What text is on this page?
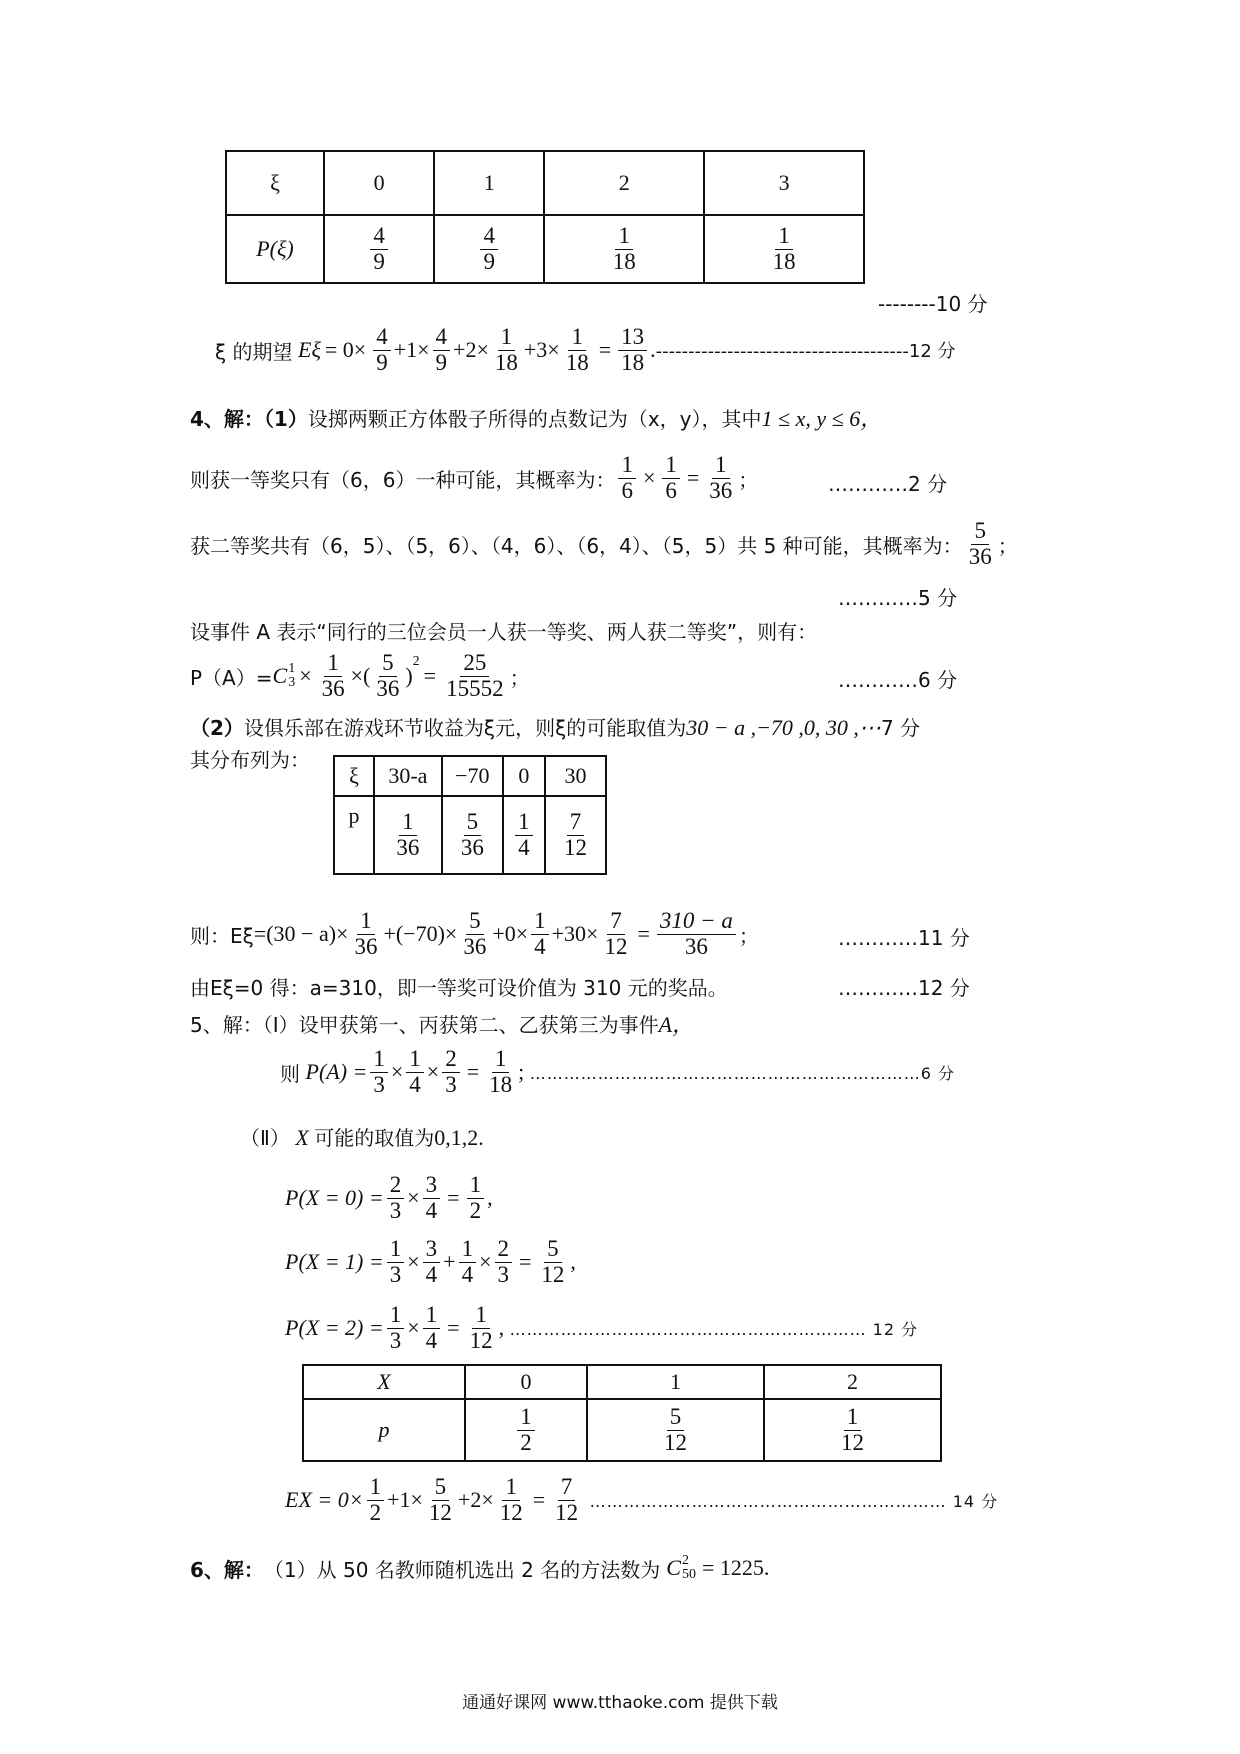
ξ	0	1	2	3
P(ξ)	$\frac{4}{9}$	$\frac{4}{9}$	$\frac{1}{18}$	$\frac{1}{18}$
--------10 分
ξ 的期望
$E\xi = 0\times \frac{4}{9} +1\times \frac{4}{9} +2\times \frac{1}{18} +3\times \frac{1}{18} = \frac{13}{18}$ . ---------------------------------------12 分
4、解：（1）设掷两颗正方体骰子所得的点数记为（x，y），其中1 ≤ x, y ≤ 6，
则获一等奖只有（6，6）一种可能，其概率为： $\frac{1}{6} \times \frac{1}{6} = \frac{1}{36}$ ；	…………2 分
获二等奖共有（6，5）、（5，6）、（4，6）、（6，4）、（5，5）共 5 种可能，其概率为： $\frac{5}{36}$ ；
…………5 分
设事件 A 表示“同行的三位会员一人获一等奖、两人获二等奖”，则有：
P（A）= C 1
$3 \times \frac{1}{36}$ ×( $\frac{5}{36}$ )
$^2$
= $\frac{25}{15552}$ ；	…………6 分
（2）设俱乐部在游戏环节收益为ξ元，则ξ的可能取值为30 − a ,−70 ,0, 30 ,⋯7 分
其分布列为：
ξ	30-a	−70	0	30
p	$\frac{1}{36}$	$\frac{5}{36}$	$\frac{1}{4}$	$\frac{7}{12}$
则：$E\xi =(30 - a)\times \frac{1}{36} +(-70)\times \frac{5}{36} +0\times \frac{1}{4} +30\times \frac{7}{12} = \frac{310 - a}{36}$ ；	…………11 分
由Eξ=0 得：a=310，即一等奖可设价值为 310 元的奖品。	…………12 分
5、解：（Ⅰ）设甲获第一、丙获第二、乙获第三为事件A，
则
$P(A) = \frac{1}{3} \times \frac{1}{4} \times \frac{2}{3} = \frac{1}{18}$ ;
……………………………………………………………6 分
（Ⅱ） X 可能的取值为0,1,2.
$P(X = 0) = \frac{2}{3} \times \frac{3}{4} = \frac{1}{2}$ ,
$P(X = 1) = \frac{1}{3} \times \frac{3}{4} + \frac{1}{4} \times \frac{2}{3} = \frac{5}{12}$ ,
$P(X = 2) = \frac{1}{3} \times \frac{1}{4} = \frac{1}{12}$ ,
……………………………………………………… 12 分
X	0	1	2
p	$\frac{1}{2}$	$\frac{5}{12}$	$\frac{1}{12}$
EX = $0\times \frac{1}{2} +1\times \frac{5}{12} +2\times \frac{1}{12} = \frac{7}{12}$
……………………………………………………… 14 分
6、 解： （1）从 50 名教师随机选出 2 名的方法数为 C 2
50 = 1225.
通通好课网 www.tthaoke.com 提供下载
